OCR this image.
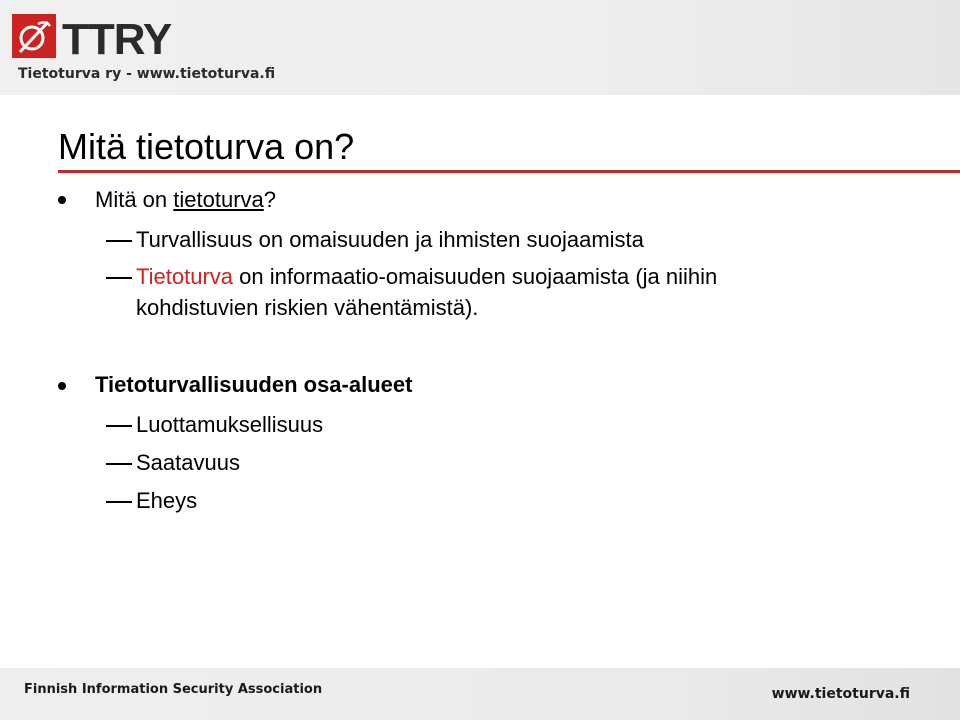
TTRY
Tietoturva ry - www.tietoturva.fi
Mitä tietoturva on?
Mitä on tietoturva?
Turvallisuus on omaisuuden ja ihmisten suojaamista
Tietoturva on informaatio-omaisuuden suojaamista (ja niihin
kohdistuvien riskien vähentämistä).
Tietoturvallisuuden osa-alueet
Luottamuksellisuus
Saatavuus
Eheys
Finnish Information Security Association	www.tietoturva.fi
